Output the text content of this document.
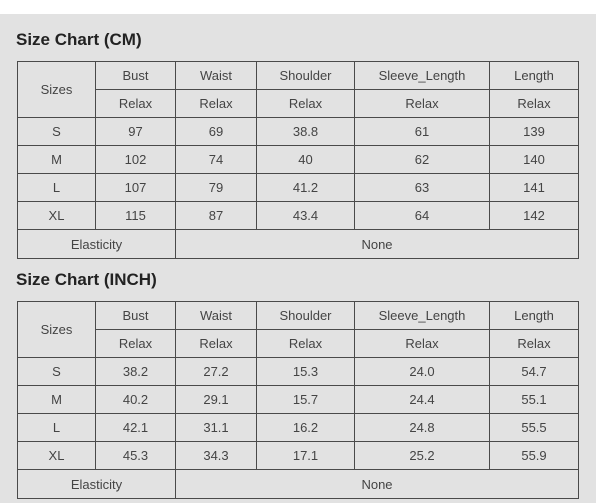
Size Chart (CM)
Sizes	Bust	Waist	Shoulder	Sleeve_Length	Length
	Relax	Relax	Relax	Relax	Relax
S	97	69	38.8	61	139
M	102	74	40	62	140
L	107	79	41.2	63	141
XL	115	87	43.4	64	142
Elasticity		None			
Size Chart (INCH)
Sizes	Bust	Waist	Shoulder	Sleeve_Length	Length
	Relax	Relax	Relax	Relax	Relax
S	38.2	27.2	15.3	24.0	54.7
M	40.2	29.1	15.7	24.4	55.1
L	42.1	31.1	16.2	24.8	55.5
XL	45.3	34.3	17.1	25.2	55.9
Elasticity		None			
